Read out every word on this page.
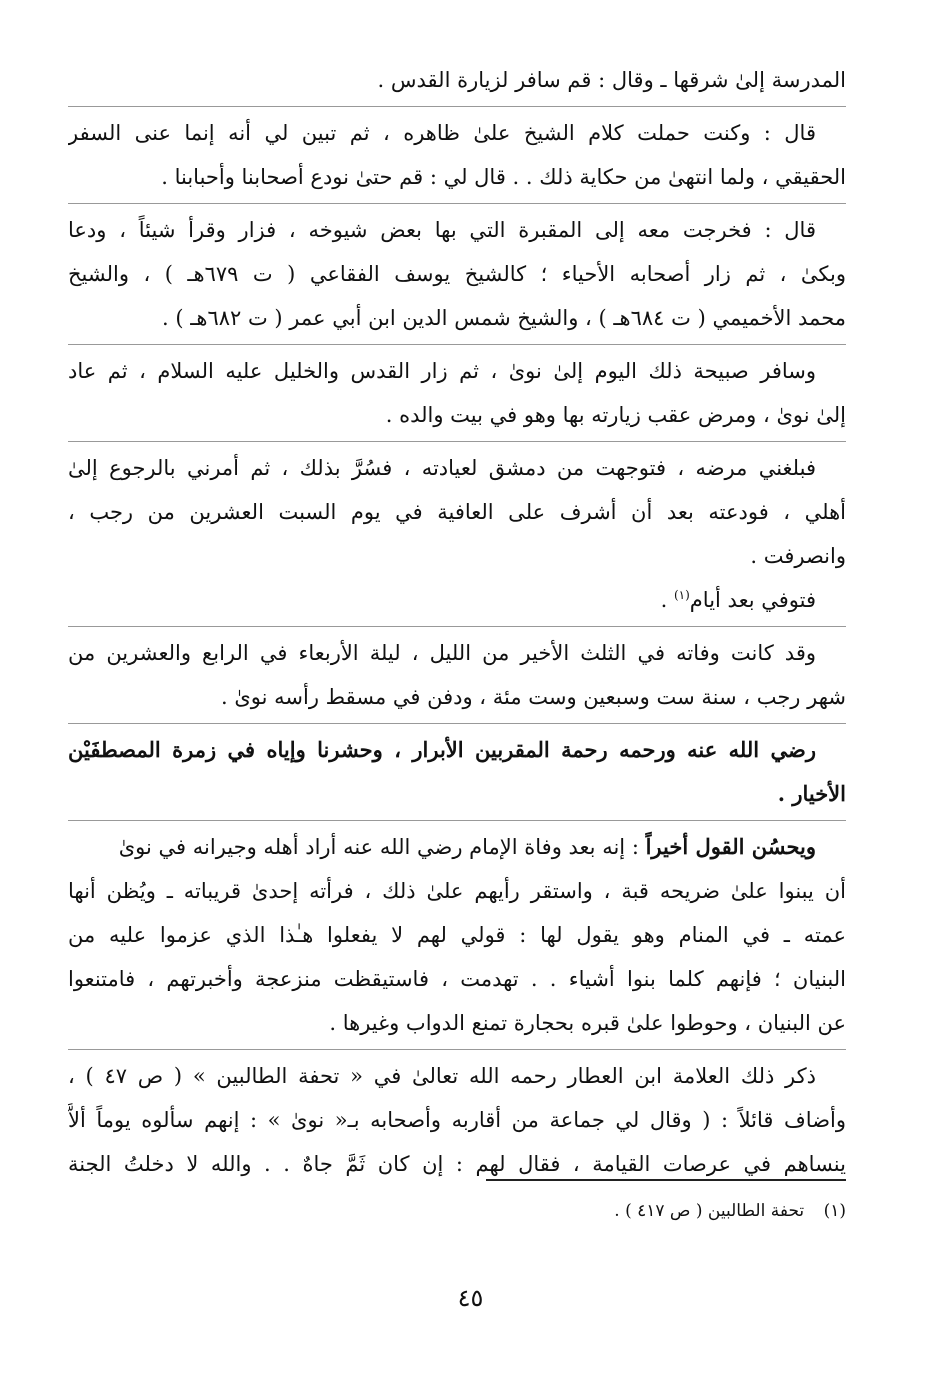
المدرسة إلىٰ شرقها ـ وقال : قم سافر لزيارة القدس .
قال : وكنت حملت كلام الشيخ علىٰ ظاهره ، ثم تبين لي أنه إنما عنى السفر
الحقيقي ، ولما انتهىٰ من حكاية ذلك . . قال لي : قم حتىٰ نودع أصحابنا وأحبابنا .
قال : فخرجت معه إلى المقبرة التي بها بعض شيوخه ، فزار وقرأ شيئاً ، ودعا
وبكىٰ ، ثم زار أصحابه الأحياء ؛ كالشيخ يوسف الفقاعي ( ت ٦٧٩هـ ) ، والشيخ
محمد الأخميمي ( ت ٦٨٤هـ ) ، والشيخ شمس الدين ابن أبي عمر ( ت ٦٨٢هـ ) .
وسافر صبيحة ذلك اليوم إلىٰ نوىٰ ، ثم زار القدس والخليل عليه السلام ، ثم عاد
إلىٰ نوىٰ ، ومرض عقب زيارته بها وهو في بيت والده .
فبلغني مرضه ، فتوجهت من دمشق لعيادته ، فسُرَّ بذلك ، ثم أمرني بالرجوع إلىٰ
أهلي ، فودعته بعد أن أشرف على العافية في يوم السبت العشرين من رجب ،
وانصرفت .
فتوفي بعد أيام$^{(١)}$ .
وقد كانت وفاته في الثلث الأخير من الليل ، ليلة الأربعاء في الرابع والعشرين من
شهر رجب ، سنة ست وسبعين وست مئة ، ودفن في مسقط رأسه نوىٰ .
رضي الله عنه ورحمه رحمة المقربين الأبرار ، وحشرنا وإياه في زمرة المصطفَيْن
الأخيار .
ويحسُن القول أخيراً : إنه بعد وفاة الإمام رضي الله عنه أراد أهله وجيرانه في نوىٰ
أن يبنوا علىٰ ضريحه قبة ، واستقر رأيهم علىٰ ذلك ، فرأته إحدىٰ قريباته ـ ويُظن أنها
عمته ـ في المنام وهو يقول لها : قولي لهم لا يفعلوا هـٰذا الذي عزموا عليه من
البنيان ؛ فإنهم كلما بنوا أشياء . . تهدمت ، فاستيقظت منزعجة وأخبرتهم ، فامتنعوا
عن البنيان ، وحوطوا علىٰ قبره بحجارة تمنع الدواب وغيرها .
ذكر ذلك العلامة ابن العطار رحمه الله تعالىٰ في « تحفة الطالبين » ( ص ٤٧ ) ،
وأضاف قائلاً : ( وقال لي جماعة من أقاربه وأصحابه بـ« نوىٰ » : إنهم سألوه يوماً ألاَّ
ينساهم في عرصات القيامة ، فقال لهم : إن كان ثَمَّ جاهٌ . . والله لا دخلتُ الجنة
(١) تحفة الطالبين ( ص ٤١٧ ) .
٤٥
